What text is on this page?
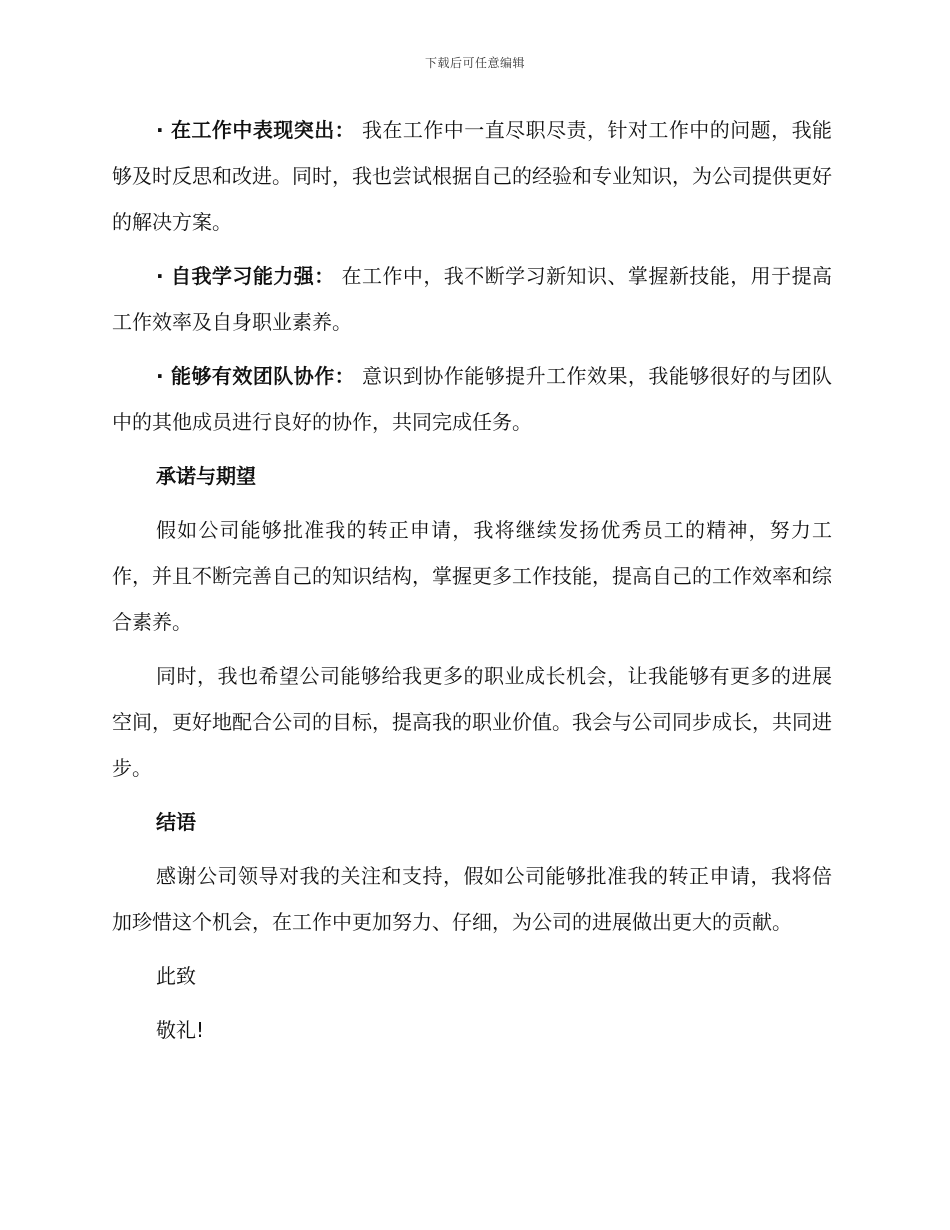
下载后可任意编辑

· 在工作中表现突出： 我在工作中一直尽职尽责，针对工作中的问题，我能够及时反思和改进。同时，我也尝试根据自己的经验和专业知识，为公司提供更好的解决方案。

· 自我学习能力强： 在工作中，我不断学习新知识、掌握新技能，用于提高工作效率及自身职业素养。

· 能够有效团队协作： 意识到协作能够提升工作效果，我能够很好的与团队中的其他成员进行良好的协作，共同完成任务。

承诺与期望

假如公司能够批准我的转正申请，我将继续发扬优秀员工的精神，努力工作，并且不断完善自己的知识结构，掌握更多工作技能，提高自己的工作效率和综合素养。

同时，我也希望公司能够给我更多的职业成长机会，让我能够有更多的进展空间，更好地配合公司的目标，提高我的职业价值。我会与公司同步成长，共同进步。

结语

感谢公司领导对我的关注和支持，假如公司能够批准我的转正申请，我将倍加珍惜这个机会，在工作中更加努力、仔细，为公司的进展做出更大的贡献。

此致

敬礼!
